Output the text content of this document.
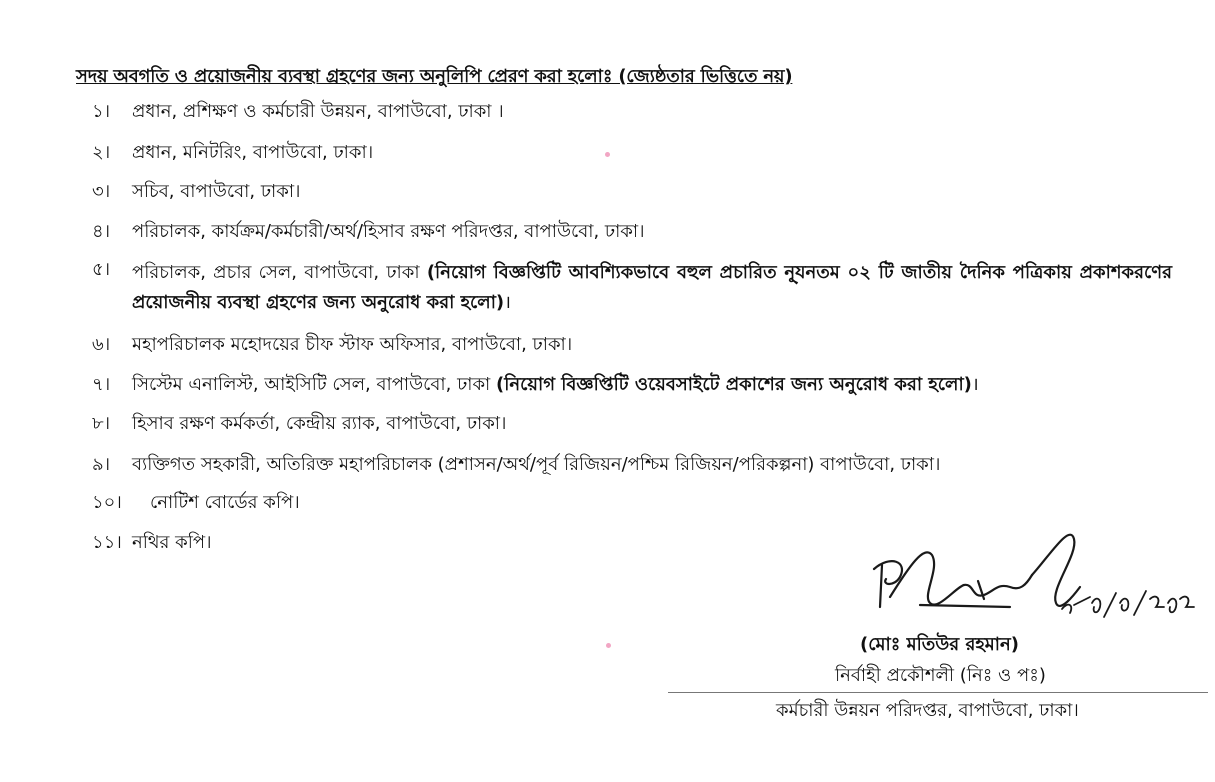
সদয় অবগতি ও প্রয়োজনীয় ব্যবস্থা গ্রহণের জন্য অনুলিপি প্রেরণ করা হলোঃ (জ্যেষ্ঠতার ভিত্তিতে নয়)
১।	প্রধান, প্রশিক্ষণ ও কর্মচারী উন্নয়ন, বাপাউবো, ঢাকা ।
২।	প্রধান, মনিটরিং, বাপাউবো, ঢাকা।
৩।	সচিব, বাপাউবো, ঢাকা।
৪।	পরিচালক, কার্যক্রম/কর্মচারী/অর্থ/হিসাব রক্ষণ পরিদপ্তর, বাপাউবো, ঢাকা।
৫।	পরিচালক, প্রচার সেল, বাপাউবো, ঢাকা (নিয়োগ বিজ্ঞপ্তিটি আবশ্যিকভাবে বহুল প্রচারিত নূ্যনতম ০২ টি জাতীয় দৈনিক পত্রিকায় প্রকাশকরণের প্রয়োজনীয় ব্যবস্থা গ্রহণের জন্য অনুরোধ করা হলো)।
৬।	মহাপরিচালক মহোদয়ের চীফ স্টাফ অফিসার, বাপাউবো, ঢাকা।
৭।	সিস্টেম এনালিস্ট, আইসিটি সেল, বাপাউবো, ঢাকা (নিয়োগ বিজ্ঞপ্তিটি ওয়েবসাইটে প্রকাশের জন্য অনুরোধ করা হলো)।
৮।	হিসাব রক্ষণ কর্মকর্তা, কেন্দ্রীয় র‍্যাক, বাপাউবো, ঢাকা।
৯।	ব্যক্তিগত সহকারী, অতিরিক্ত মহাপরিচালক (প্রশাসন/অর্থ/পূর্ব রিজিয়ন/পশ্চিম রিজিয়ন/পরিকল্পনা) বাপাউবো, ঢাকা।
১০।	নোটিশ বোর্ডের কপি।
১১। নথির কপি।
(মোঃ মতিউর রহমান)
নির্বাহী প্রকৌশলী (নিঃ ও পঃ)
কর্মচারী উন্নয়ন পরিদপ্তর, বাপাউবো, ঢাকা।
